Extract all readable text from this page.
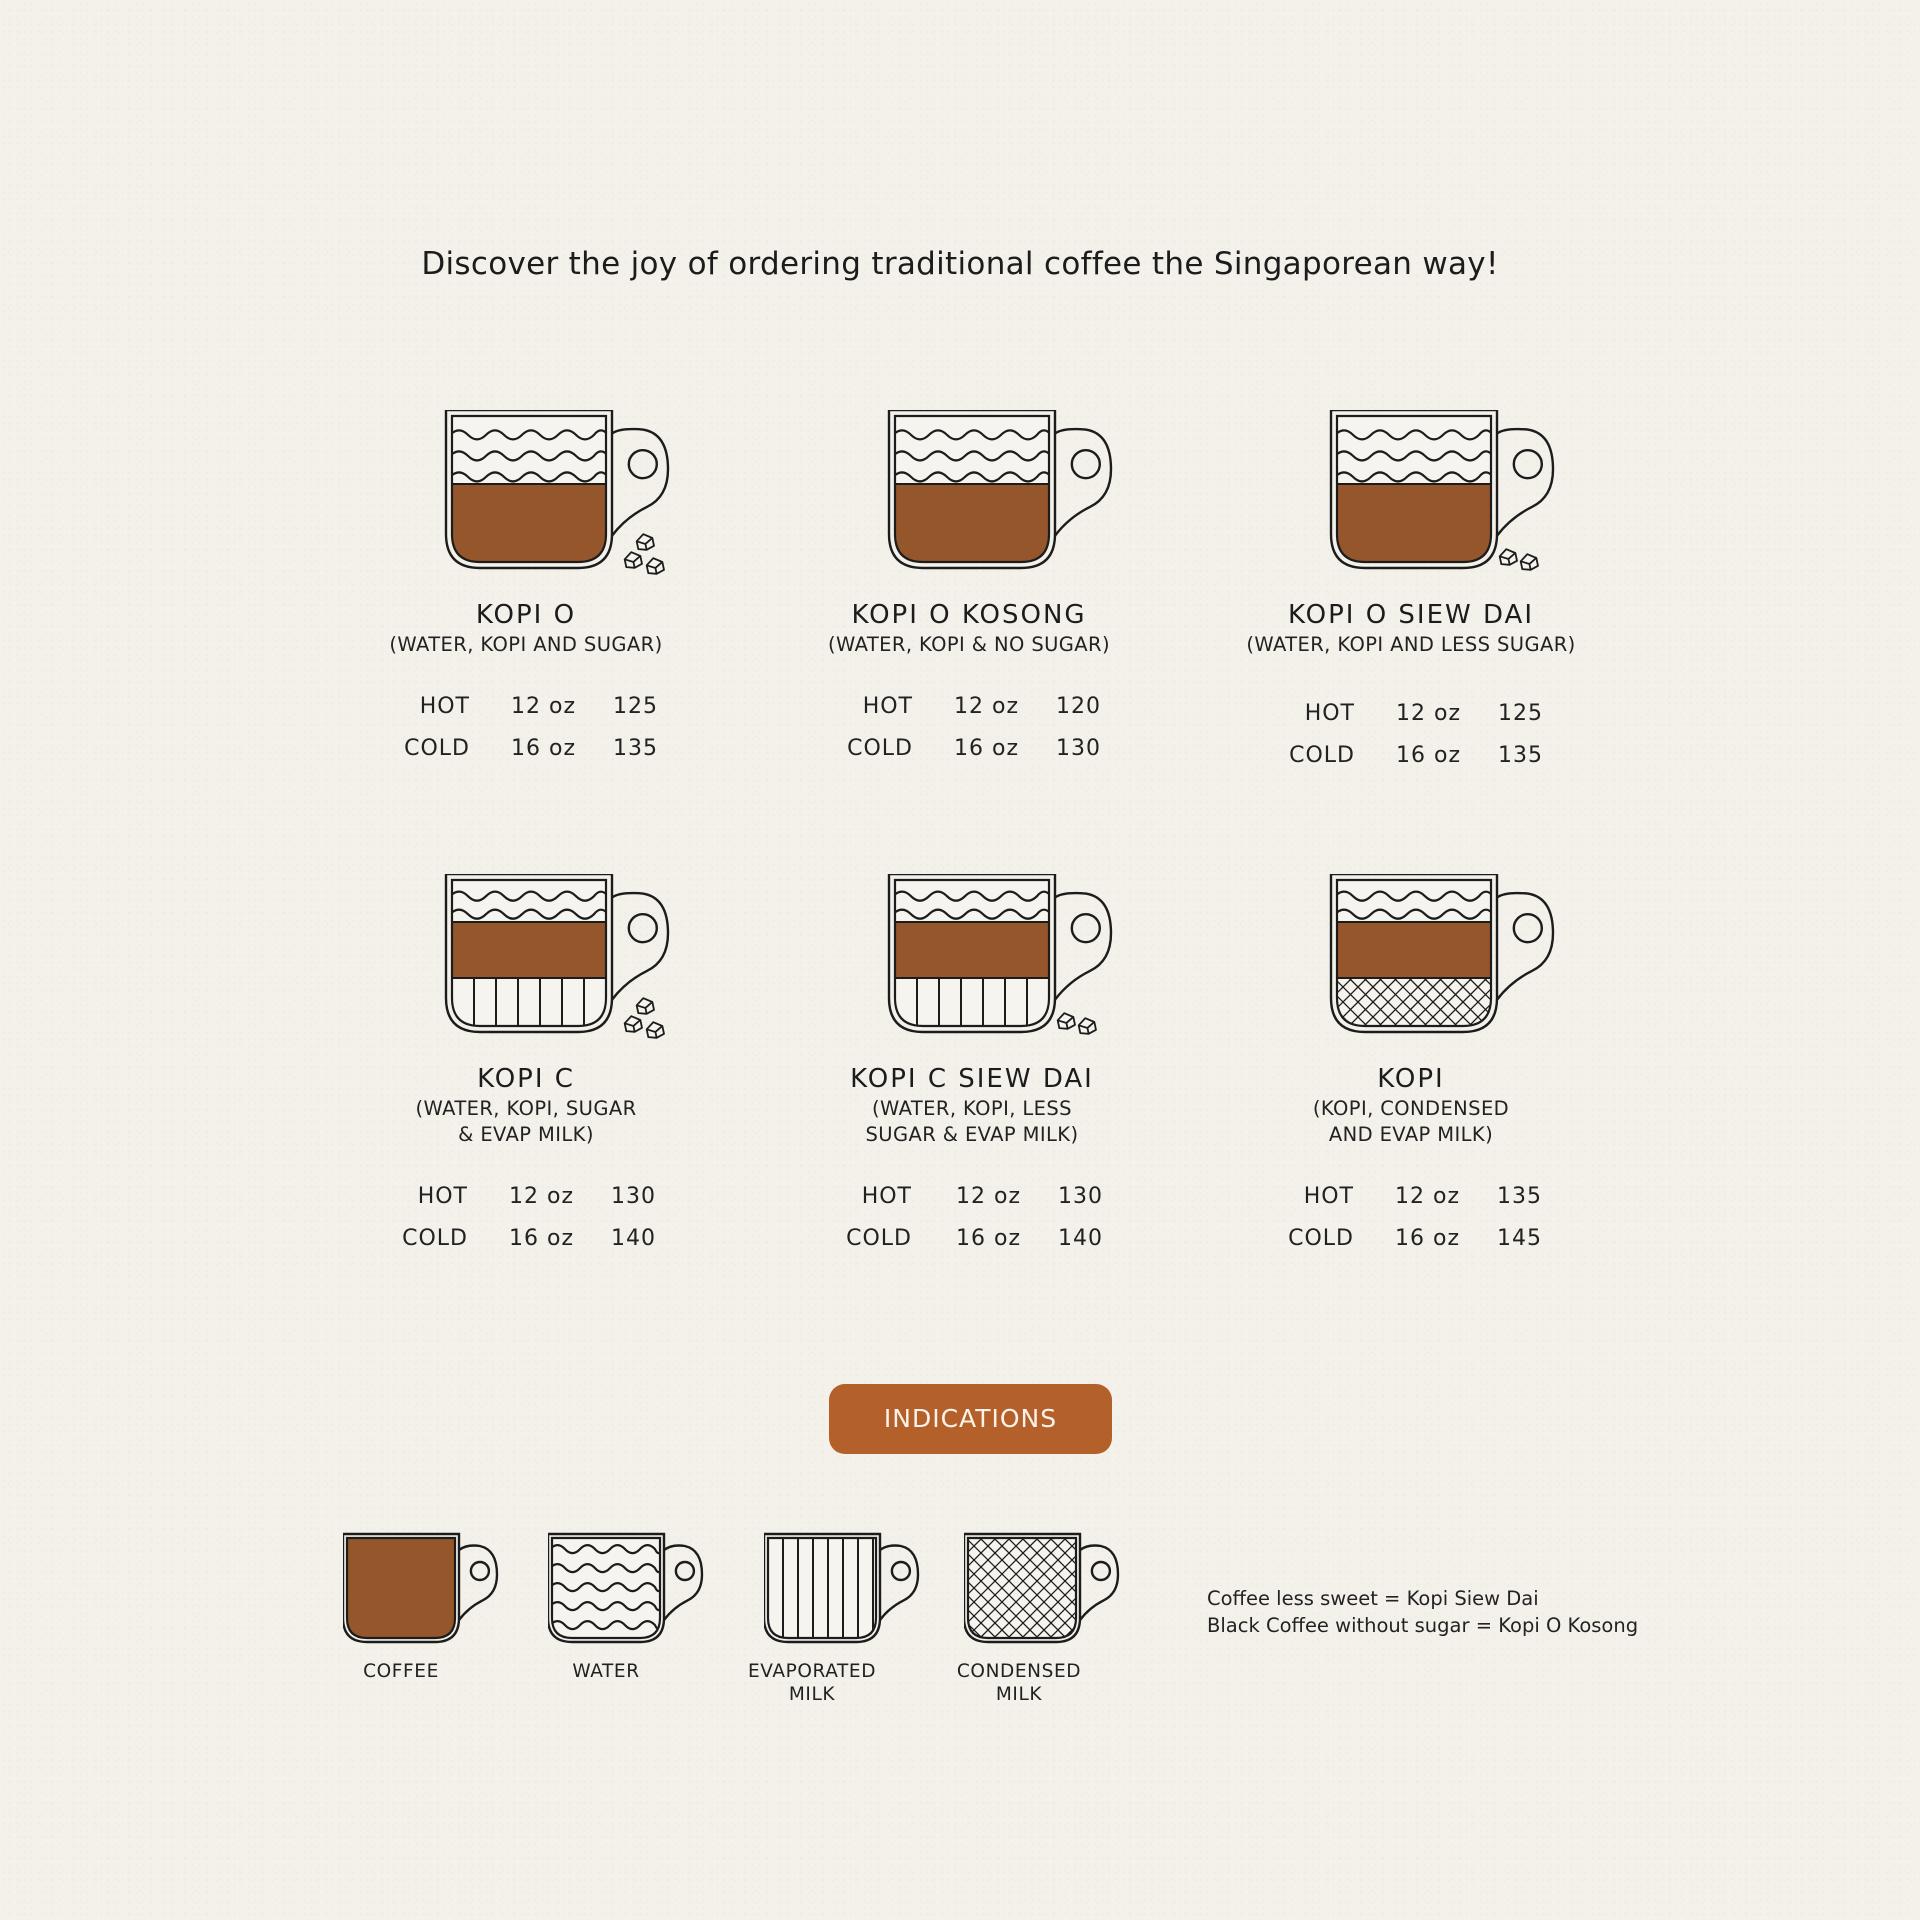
Discover the joy of ordering traditional coffee the Singaporean way!
KOPI O
(WATER, KOPI AND SUGAR)
HOT 12 oz	125
COLD 16 oz	135
KOPI O KOSONG
(WATER, KOPI & NO SUGAR)
HOT 12 oz	120
COLD 16 oz	130
KOPI O SIEW DAI
(WATER, KOPI AND LESS SUGAR)
HOT 12 oz	125
COLD 16 oz	135
KOPI C
(WATER, KOPI, SUGAR
& EVAP MILK)
HOT 12 oz	130
COLD 16 oz	140
KOPI C SIEW DAI
(WATER, KOPI, LESS
SUGAR & EVAP MILK)
HOT 12 oz	130
COLD 16 oz	140
KOPI
(KOPI, CONDENSED
AND EVAP MILK)
HOT 12 oz	135
COLD 16 oz	145
INDICATIONS
COFFEE	WATER	EVAPORATED
MILK
CONDENSED
MILK
Coffee less sweet = Kopi Siew Dai
Black Coffee without sugar = Kopi O Kosong
